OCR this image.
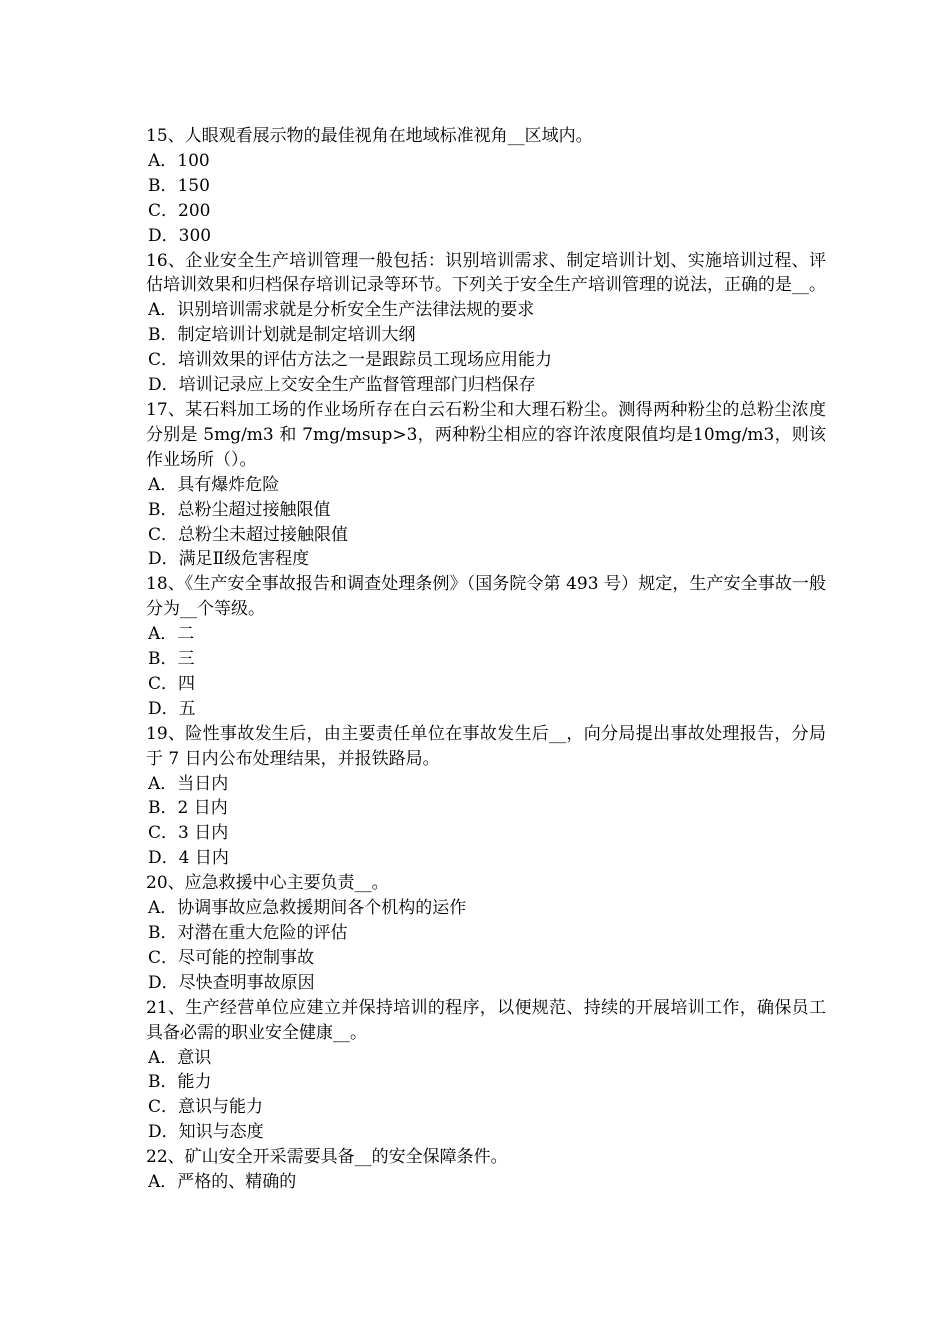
15、人眼观看展示物的最佳视角在地域标准视角__区域内。

A．100
B．150
C．200
D．300

16、企业安全生产培训管理一般包括：识别培训需求、制定培训计划、实施培训过程、评估培训效果和归档保存培训记录等环节。下列关于安全生产培训管理的说法，正确的是__。

A．识别培训需求就是分析安全生产法律法规的要求
B．制定培训计划就是制定培训大纲
C．培训效果的评估方法之一是跟踪员工现场应用能力
D．培训记录应上交安全生产监督管理部门归档保存

17、某石料加工场的作业场所存在白云石粉尘和大理石粉尘。测得两种粉尘的总粉尘浓度分别是 5mg/m3 和 7mg/msup>3，两种粉尘相应的容许浓度限值均是10mg/m3，则该作业场所（）。

A．具有爆炸危险
B．总粉尘超过接触限值
C．总粉尘未超过接触限值
D．满足Ⅱ级危害程度

18、《生产安全事故报告和调查处理条例》（国务院令第 493 号）规定，生产安全事故一般分为__个等级。

A．二
B．三
C．四
D．五

19、险性事故发生后，由主要责任单位在事故发生后__，向分局提出事故处理报告，分局于 7 日内公布处理结果，并报铁路局。

A．当日内
B．2 日内
C．3 日内
D．4 日内

20、应急救援中心主要负责__。

A．协调事故应急救援期间各个机构的运作
B．对潜在重大危险的评估
C．尽可能的控制事故
D．尽快查明事故原因

21、生产经营单位应建立并保持培训的程序，以便规范、持续的开展培训工作，确保员工具备必需的职业安全健康__。

A．意识
B．能力
C．意识与能力
D．知识与态度

22、矿山安全开采需要具备__的安全保障条件。

A．严格的、精确的
